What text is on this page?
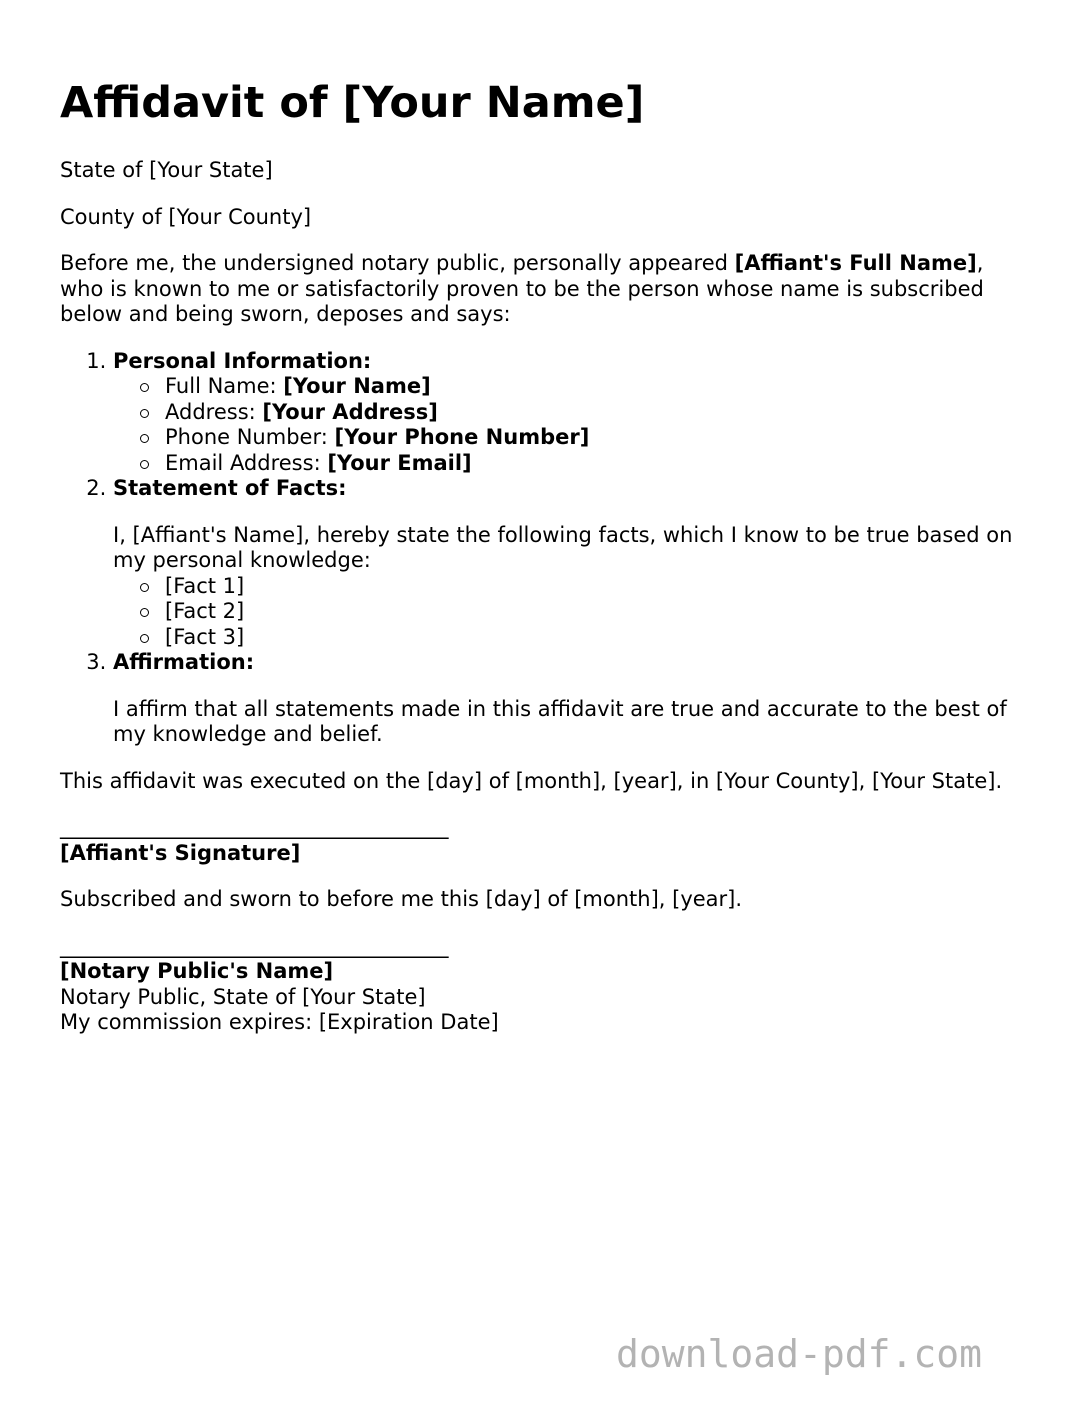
Affidavit of [Your Name]

State of [Your State]

County of [Your County]

Before me, the undersigned notary public, personally appeared [Affiant's Full Name], who is known to me or satisfactorily proven to be the person whose name is subscribed below and being sworn, deposes and says:

1. Personal Information:
Full Name: [Your Name]
Address: [Your Address]
Phone Number: [Your Phone Number]
Email Address: [Your Email]
2. Statement of Facts:

I, [Affiant's Name], hereby state the following facts, which I know to be true based on my personal knowledge:

[Fact 1]
[Fact 2]
[Fact 3]
3. Affirmation:

I affirm that all statements made in this affidavit are true and accurate to the best of my knowledge and belief.

This affidavit was executed on the [day] of [month], [year], in [Your County], [Your State].

_____________________________________
[Affiant's Signature]

Subscribed and sworn to before me this [day] of [month], [year].

_____________________________________
[Notary Public's Name]
Notary Public, State of [Your State]
My commission expires: [Expiration Date]
download-pdf.com
